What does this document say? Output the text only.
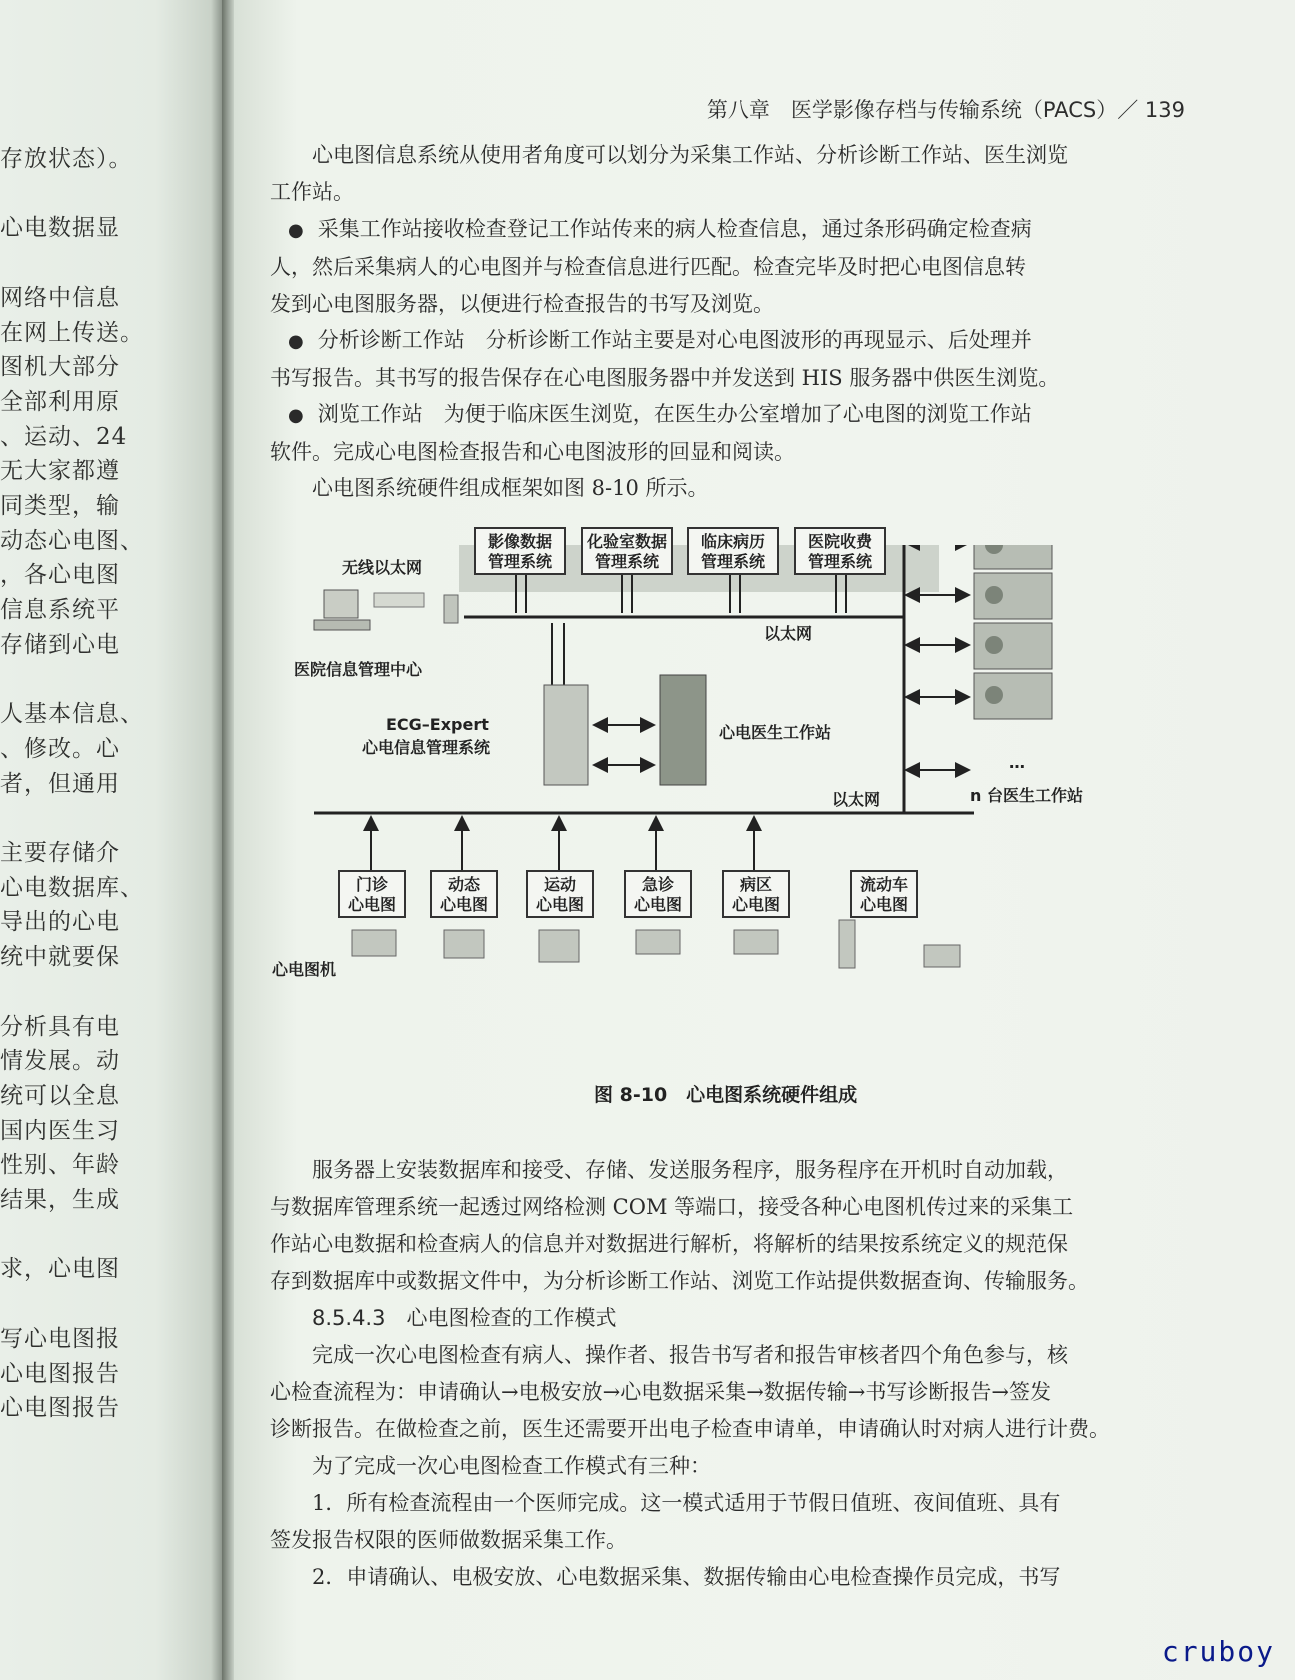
存放状态）。
心电数据显
网络中信息
在网上传送。
图机大部分
全部利用原
、运动、24
无大家都遵
同类型，输
动态心电图、
，各心电图
信息系统平
存储到心电
人基本信息、
、修改。心
者，但通用
主要存储介
心电数据库、
导出的心电
统中就要保
分析具有电
情发展。动
统可以全息
国内医生习
性别、年龄
结果，生成
求，心电图
写心电图报
心电图报告
心电图报告
第八章　医学影像存档与传输系统（PACS）／ 139
心电图信息系统从使用者角度可以划分为采集工作站、分析诊断工作站、医生浏览
工作站。
● 采集工作站接收检查登记工作站传来的病人检查信息，通过条形码确定检查病
人，然后采集病人的心电图并与检查信息进行匹配。检查完毕及时把心电图信息转
发到心电图服务器，以便进行检查报告的书写及浏览。
● 分析诊断工作站　分析诊断工作站主要是对心电图波形的再现显示、后处理并
书写报告。其书写的报告保存在心电图服务器中并发送到 HIS 服务器中供医生浏览。
● 浏览工作站　为便于临床医生浏览，在医生办公室增加了心电图的浏览工作站
软件。完成心电图检查报告和心电图波形的回显和阅读。
心电图系统硬件组成框架如图 8-10 所示。
影像数据
管理系统
化验室数据
管理系统
临床病历
管理系统
医院收费
管理系统
无线以太网
医院信息管理中心
以太网
ECG–Expert
心电信息管理系统
心电医生工作站
…
n 台医生工作站
以太网
门诊
心电图
动态
心电图
运动
心电图
急诊
心电图
病区
心电图
流动车
心电图
心电图机
图 8-10　心电图系统硬件组成
服务器上安装数据库和接受、存储、发送服务程序，服务程序在开机时自动加载，
与数据库管理系统一起透过网络检测 COM 等端口，接受各种心电图机传过来的采集工
作站心电数据和检查病人的信息并对数据进行解析，将解析的结果按系统定义的规范保
存到数据库中或数据文件中，为分析诊断工作站、浏览工作站提供数据查询、传输服务。
8.5.4.3　心电图检查的工作模式
完成一次心电图检查有病人、操作者、报告书写者和报告审核者四个角色参与，核
心检查流程为：申请确认→电极安放→心电数据采集→数据传输→书写诊断报告→签发
诊断报告。在做检查之前，医生还需要开出电子检查申请单，申请确认时对病人进行计费。
为了完成一次心电图检查工作模式有三种：
1．所有检查流程由一个医师完成。这一模式适用于节假日值班、夜间值班、具有
签发报告权限的医师做数据采集工作。
2．申请确认、电极安放、心电数据采集、数据传输由心电检查操作员完成，书写
cruboy
